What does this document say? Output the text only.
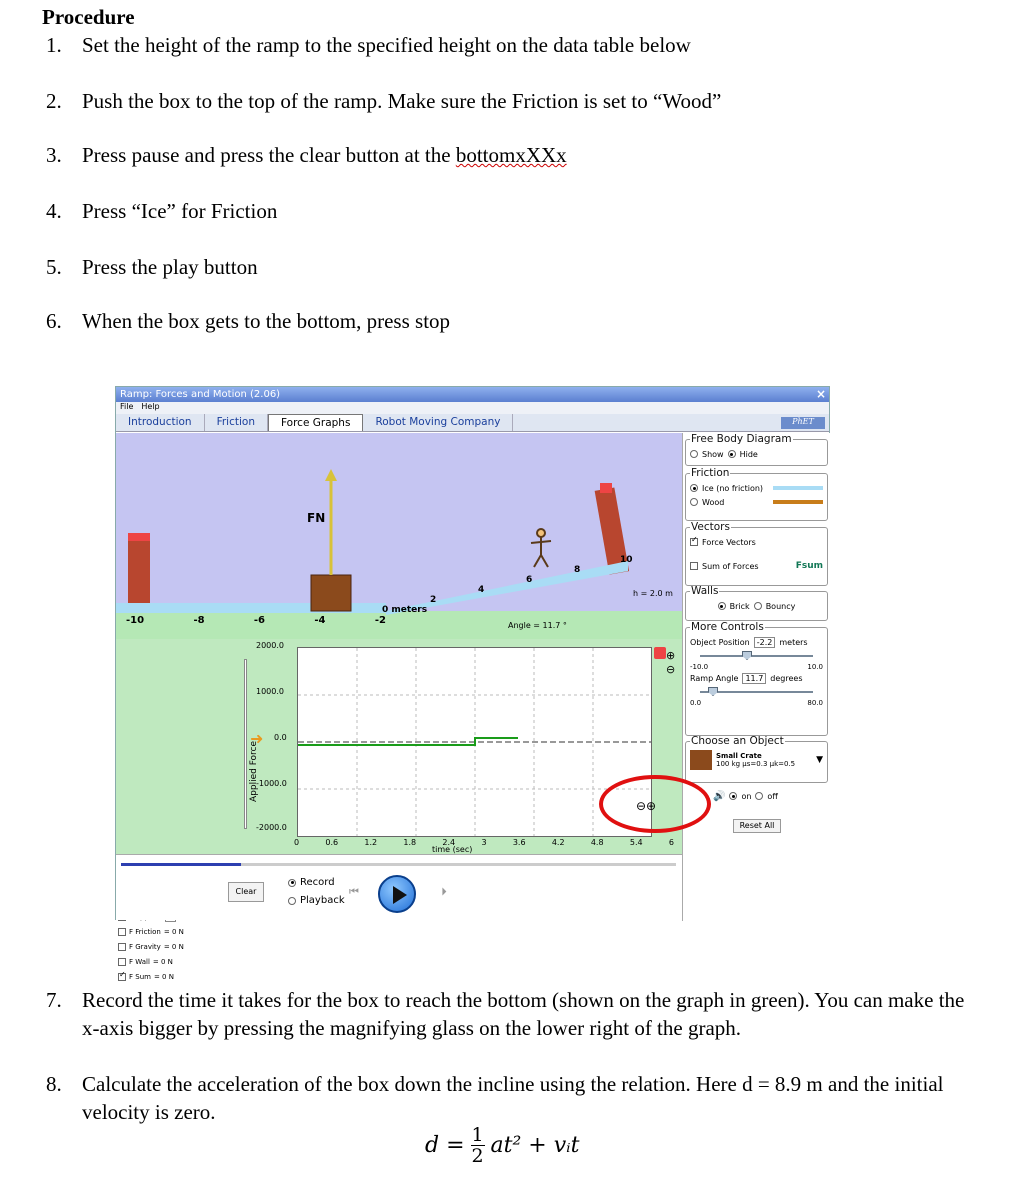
Procedure
1. Set the height of the ramp to the specified height on the data table below
2. Push the box to the top of the ramp. Make sure the Friction is set to “Wood”
3. Press pause and press the clear button at the bottomxXXx
4. Press “Ice” for Friction
5. Press the play button
6. When the box gets to the bottom, press stop
Ramp: Forces and Motion (2.06)	×
File Help
Introduction	Friction	Force Graphs	Robot Moving Company	PhET
FN
-10	-8	-6	-4	-2
0 meters
2
4
6
8
10
h = 2.0 m
Angle = 11.7 °
F Friction = 0 N
F Gravity = 0 N
F Wall = 0 N
✓
F Sum = 0 N
Applied Force
➜
2000.0
1000.0
0.0
-1000.0
-2000.0
⊕
⊖
⊖⊕
0	0.6	1.2	1.8	2.4	3	3.6	4.2	4.8	5.4	6
time (sec)
Clear
Record
Playback
⏮	⏵
Free Body Diagram
Show Hide
Friction
Ice (no friction)
Wood
Vectors
✓
Force Vectors
Sum of Forces	Fsum
Walls
Brick Bouncy
More Controls
Object Position -2.2 meters
-10.0	10.0
Ramp Angle 11.7 degrees
0.0	80.0
Choose an Object
Small Crate
100 kg μs=0.3 μk=0.5 ▼
🔊 on off
Reset All
7. Record the time it takes for the box to reach the bottom (shown on the graph in green). You can make the x-axis bigger by pressing the magnifying glass on the lower right of the graph.
8. Calculate the acceleration of the box down the incline using the relation. Here d = 8.9 m and the initial velocity is zero.
$d = \frac{1}{2} at^2$ + vᵢt
